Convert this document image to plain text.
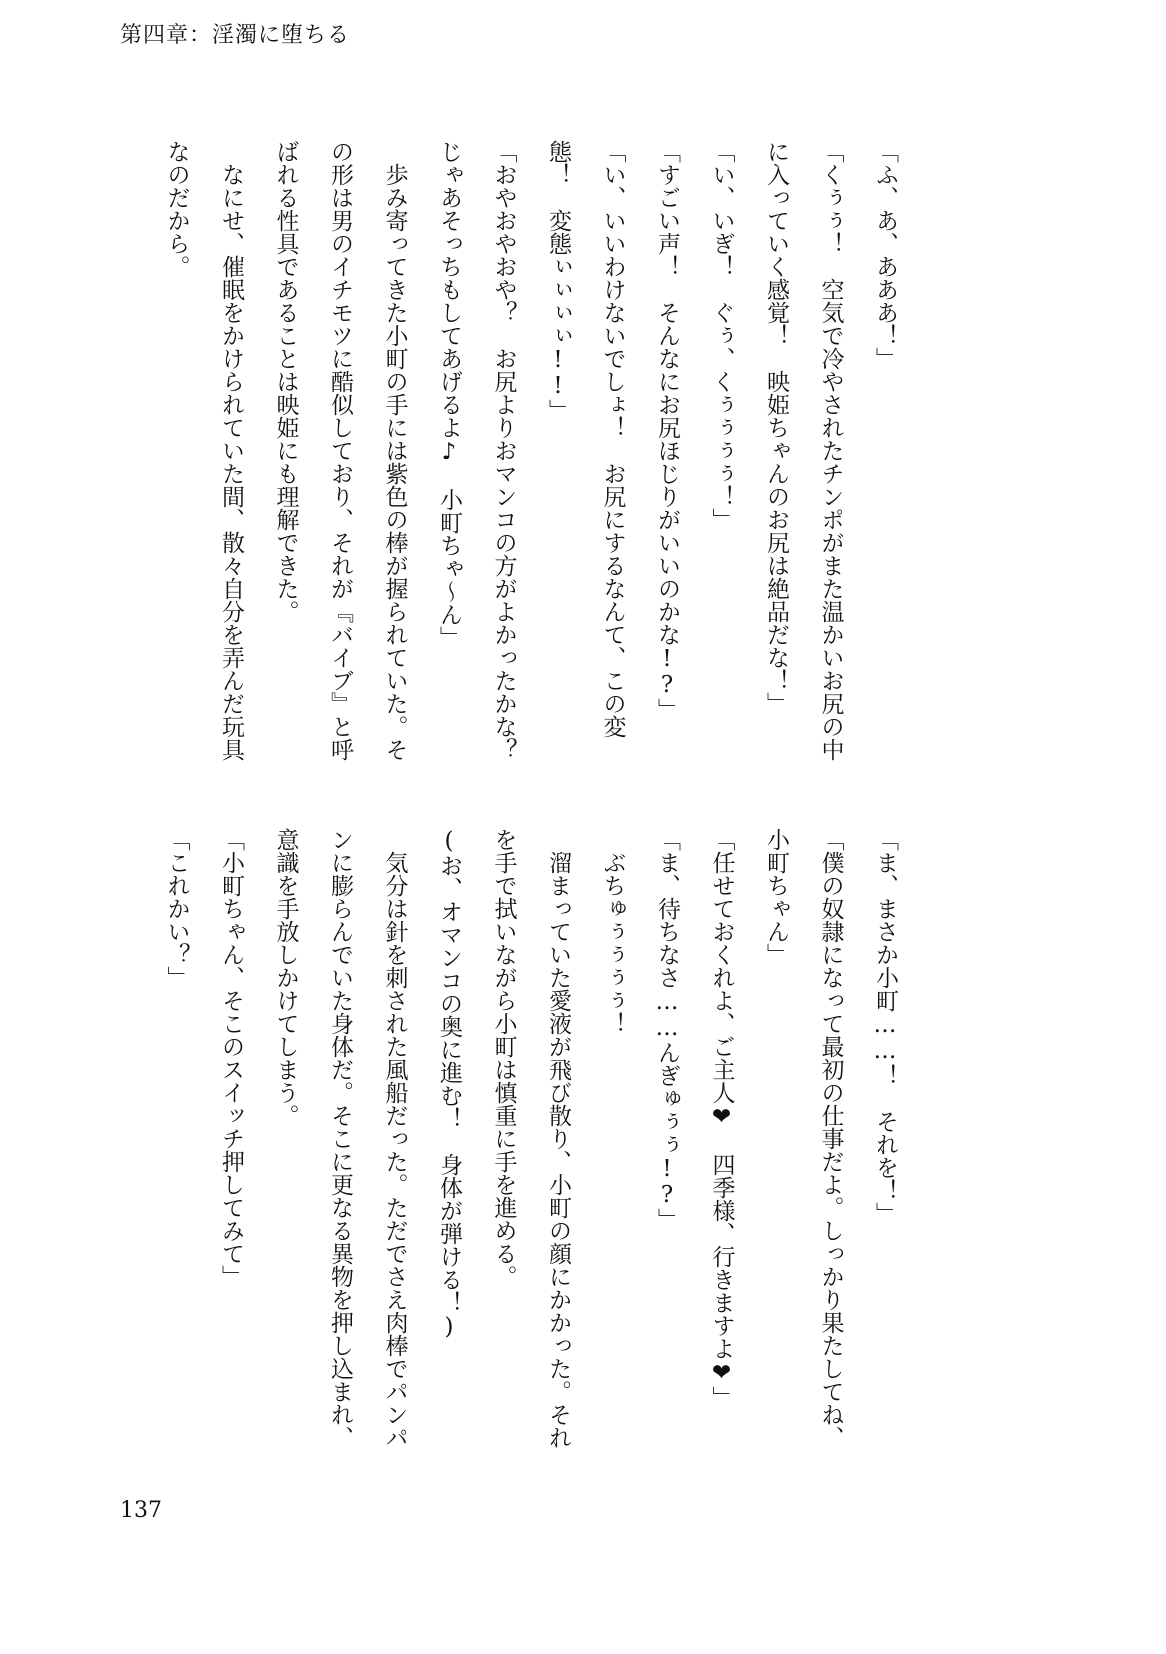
第四章：淫濁に堕ちる
「ふ、あ、あああ！」
「くぅぅ！　空気で冷やされたチンポがまた温かいお尻の中
に入っていく感覚！　映姫ちゃんのお尻は絶品だな！」
「い、いぎ！　ぐぅ、くぅぅぅぅ！」
「すごい声！　そんなにお尻ほじりがいいのかな!?」
「い、いいわけないでしょ！　お尻にするなんて、この変
態！　変態ぃぃぃぃ!!」
「おやおやおや？　お尻よりおマンコの方がよかったかな？
じゃあそっちもしてあげるよ♪　小町ちゃ～ん」
　歩み寄ってきた小町の手には紫色の棒が握られていた。そ
の形は男のイチモツに酷似しており、それが『バイブ』と呼
ばれる性具であることは映姫にも理解できた。
　なにせ、催眠をかけられていた間、散々自分を弄んだ玩具
なのだから。
「ま、まさか小町……！　それを！」
「僕の奴隷になって最初の仕事だよ。しっかり果たしてね、
小町ちゃん」
「任せておくれよ、ご主人❤　四季様、行きますよ❤」
「ま、待ちなさ……んぎゅぅぅ!?」
　ぶちゅぅぅぅぅ！
　溜まっていた愛液が飛び散り、小町の顔にかかった。それ
を手で拭いながら小町は慎重に手を進める。
(お、オマンコの奥に進む！　身体が弾ける！)
　気分は針を刺された風船だった。ただでさえ肉棒でパンパ
ンに膨らんでいた身体だ。そこに更なる異物を押し込まれ、
意識を手放しかけてしまう。
「小町ちゃん、そこのスイッチ押してみて」
「これかい？」
137
